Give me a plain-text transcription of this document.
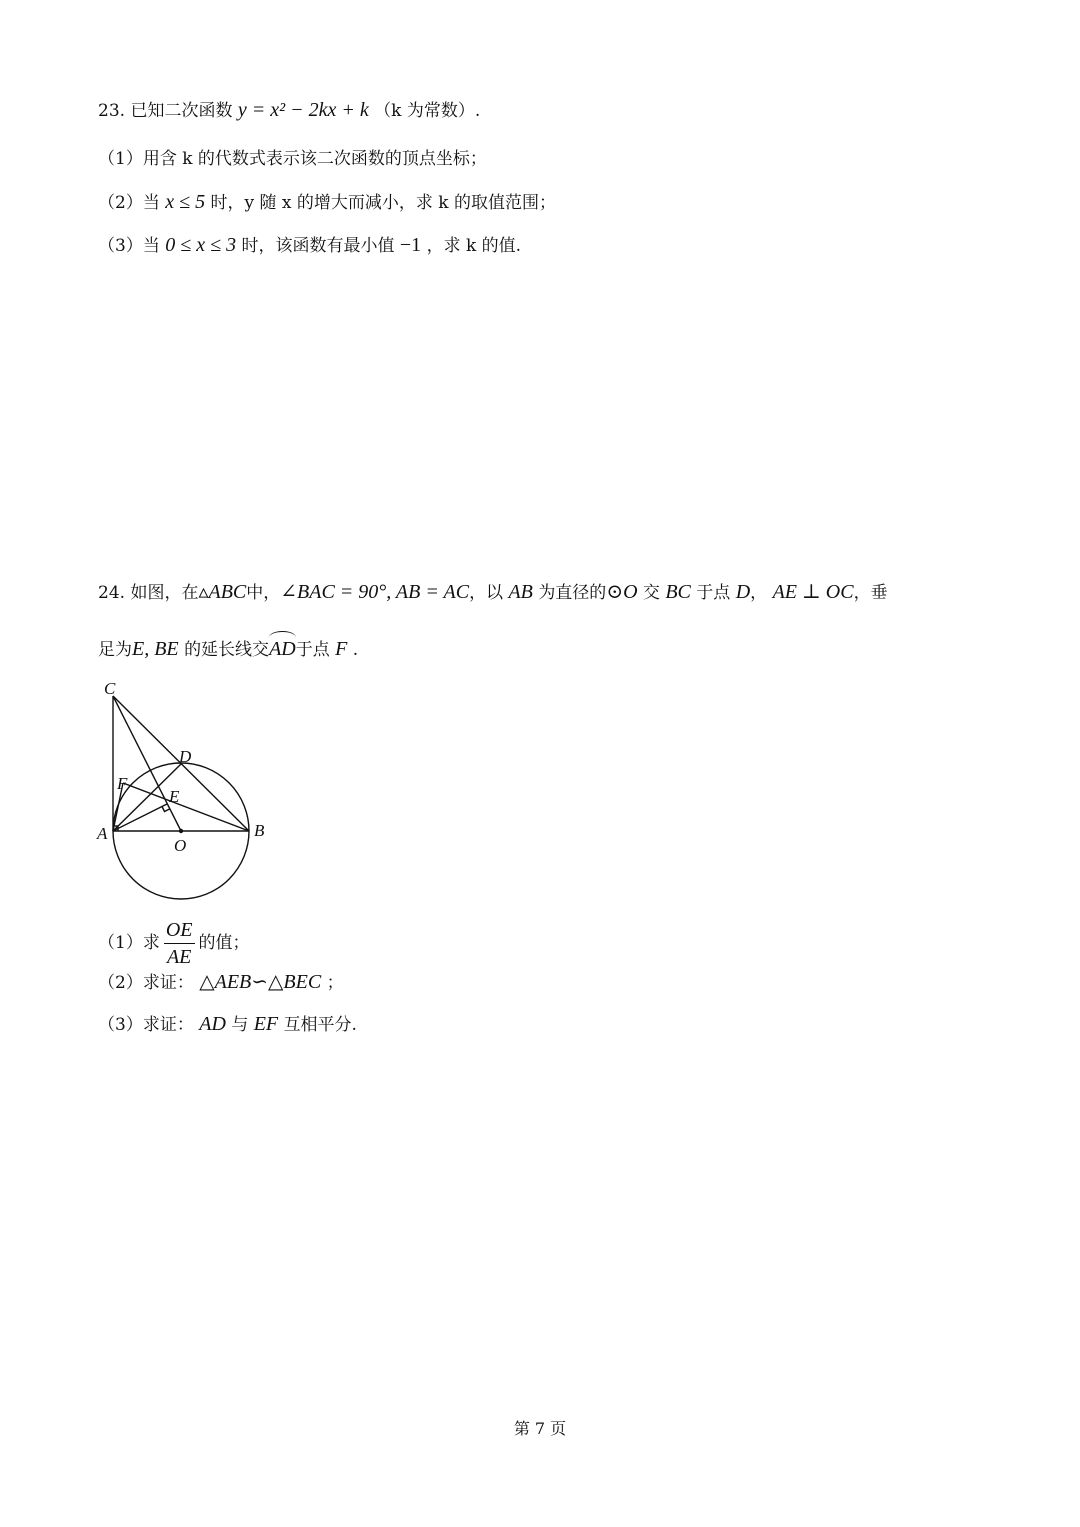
23. 已知二次函数 y = x² − 2kx + k （k 为常数）.
（1）用含 k 的代数式表示该二次函数的顶点坐标；
（2）当 x ≤ 5 时，y 随 x 的增大而减小，求 k 的取值范围；
（3）当 0 ≤ x ≤ 3 时，该函数有最小值 −1 ，求 k 的值.
24. 如图，在▵ABC中，∠BAC = 90°, AB = AC，以 AB 为直径的⊙O 交 BC 于点 D， AE ⊥ OC，垂
足为E, BE 的延长线交AD于点 F .
C
D
F
E
A	B
O
（1）求 $\frac{OE}{AE}$ 的值；
（2）求证： △AEB∽△BEC ；
（3）求证： AD 与 EF 互相平分.
第 7 页
